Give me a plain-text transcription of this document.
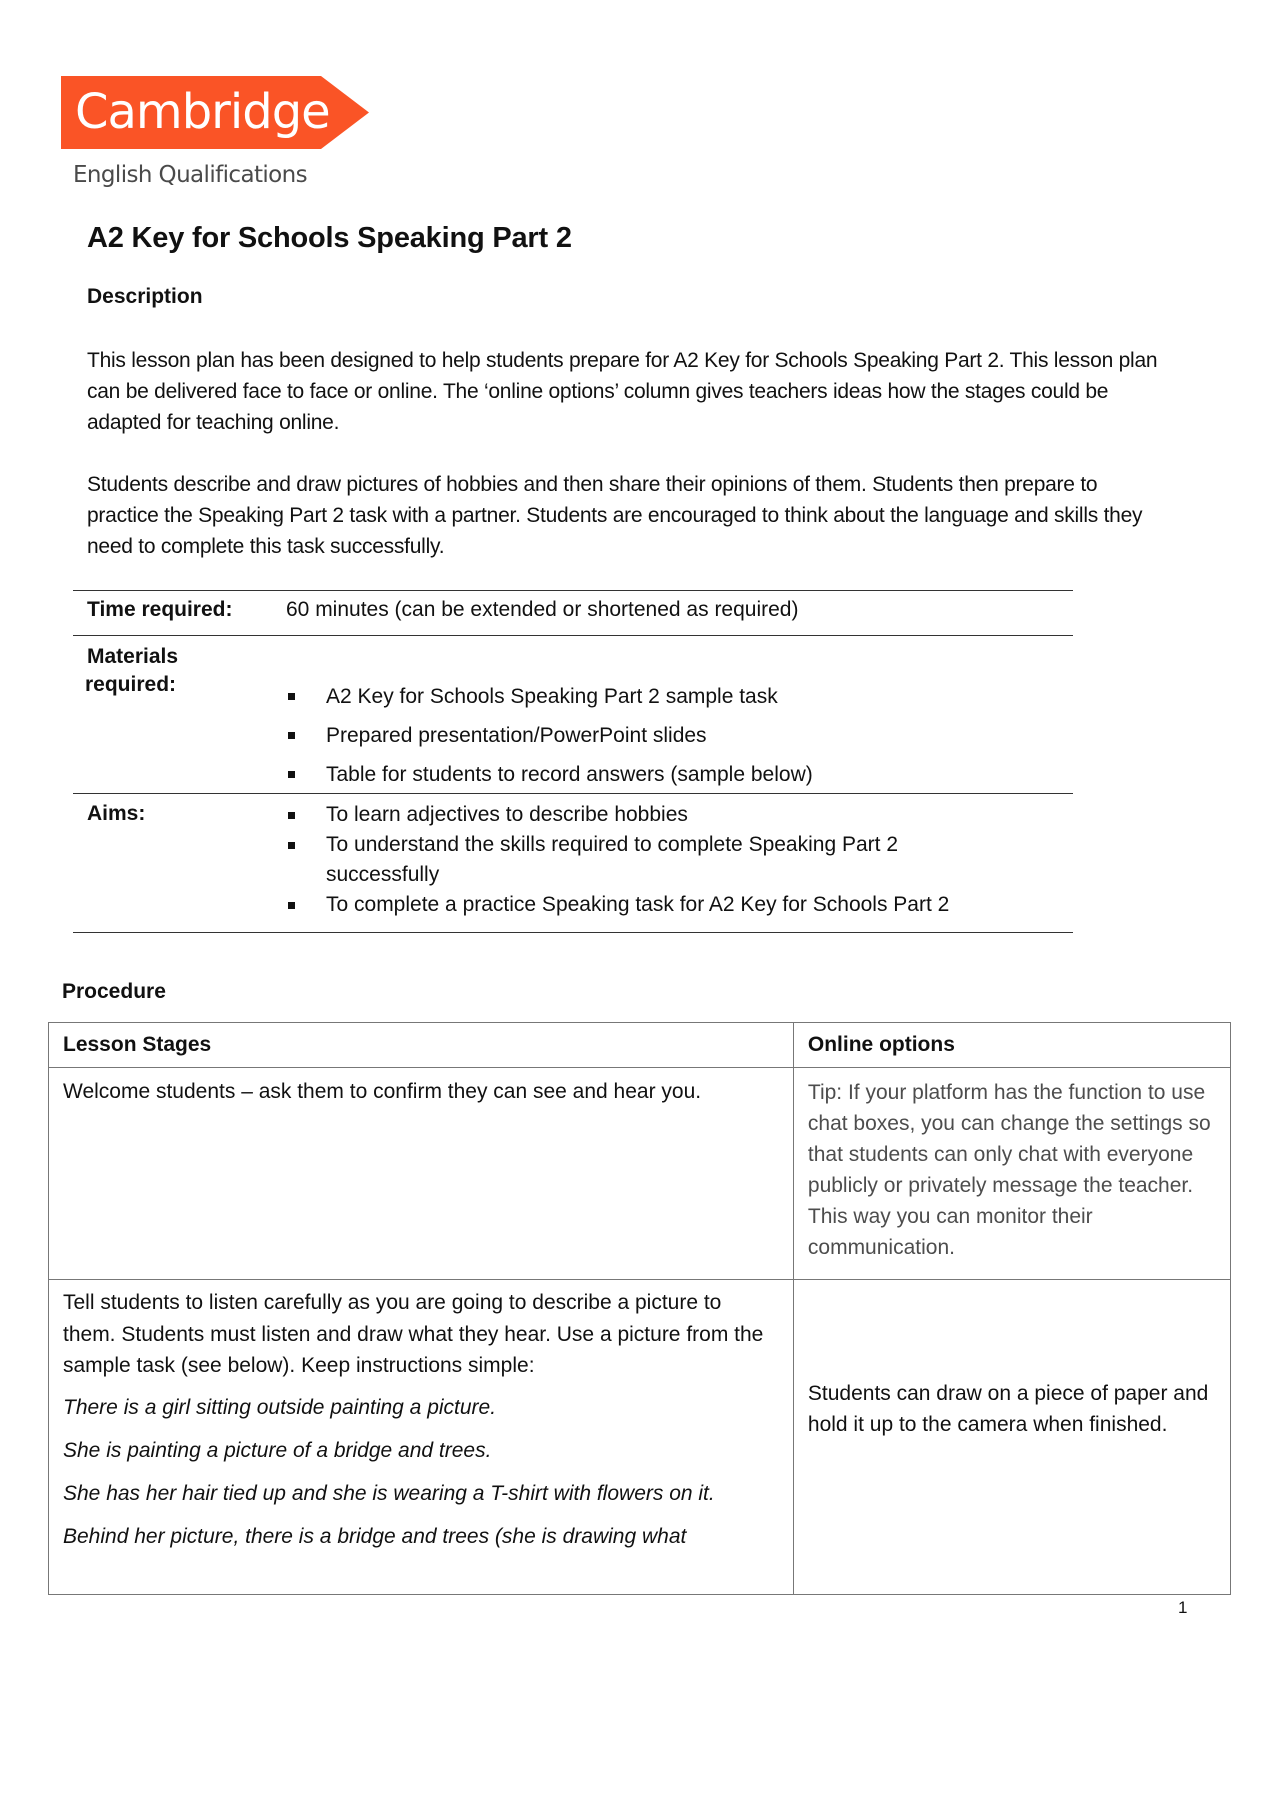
Cambridge
English Qualifications
A2 Key for Schools Speaking Part 2
Description
This lesson plan has been designed to help students prepare for A2 Key for Schools Speaking Part 2. This lesson plan can be delivered face to face or online. The ‘online options’ column gives teachers ideas how the stages could be adapted for teaching online.
Students describe and draw pictures of hobbies and then share their opinions of them. Students then prepare to practice the Speaking Part 2 task with a partner. Students are encouraged to think about the language and skills they need to complete this task successfully.
Time required:	60 minutes (can be extended or shortened as required)
Materials
required:
A2 Key for Schools Speaking Part 2 sample task
Prepared presentation/PowerPoint slides
Table for students to record answers (sample below)
Aims:	To learn adjectives to describe hobbies
To understand the skills required to complete Speaking Part 2 successfully
To complete a practice Speaking task for A2 Key for Schools Part 2
Procedure
Lesson Stages	Online options

Welcome students – ask them to confirm they can see and hear you.	Tip: If your platform has the function to use chat boxes, you can change the settings so that students can only chat with everyone publicly or privately message the teacher. This way you can monitor their communication.

Tell students to listen carefully as you are going to describe a picture to them. Students must listen and draw what they hear. Use a picture from the sample task (see below). Keep instructions simple:

There is a girl sitting outside painting a picture.

She is painting a picture of a bridge and trees.

She has her hair tied up and she is wearing a T-shirt with flowers on it.

Behind her picture, there is a bridge and trees (she is drawing what	Students can draw on a piece of paper and hold it up to the camera when finished.

1
